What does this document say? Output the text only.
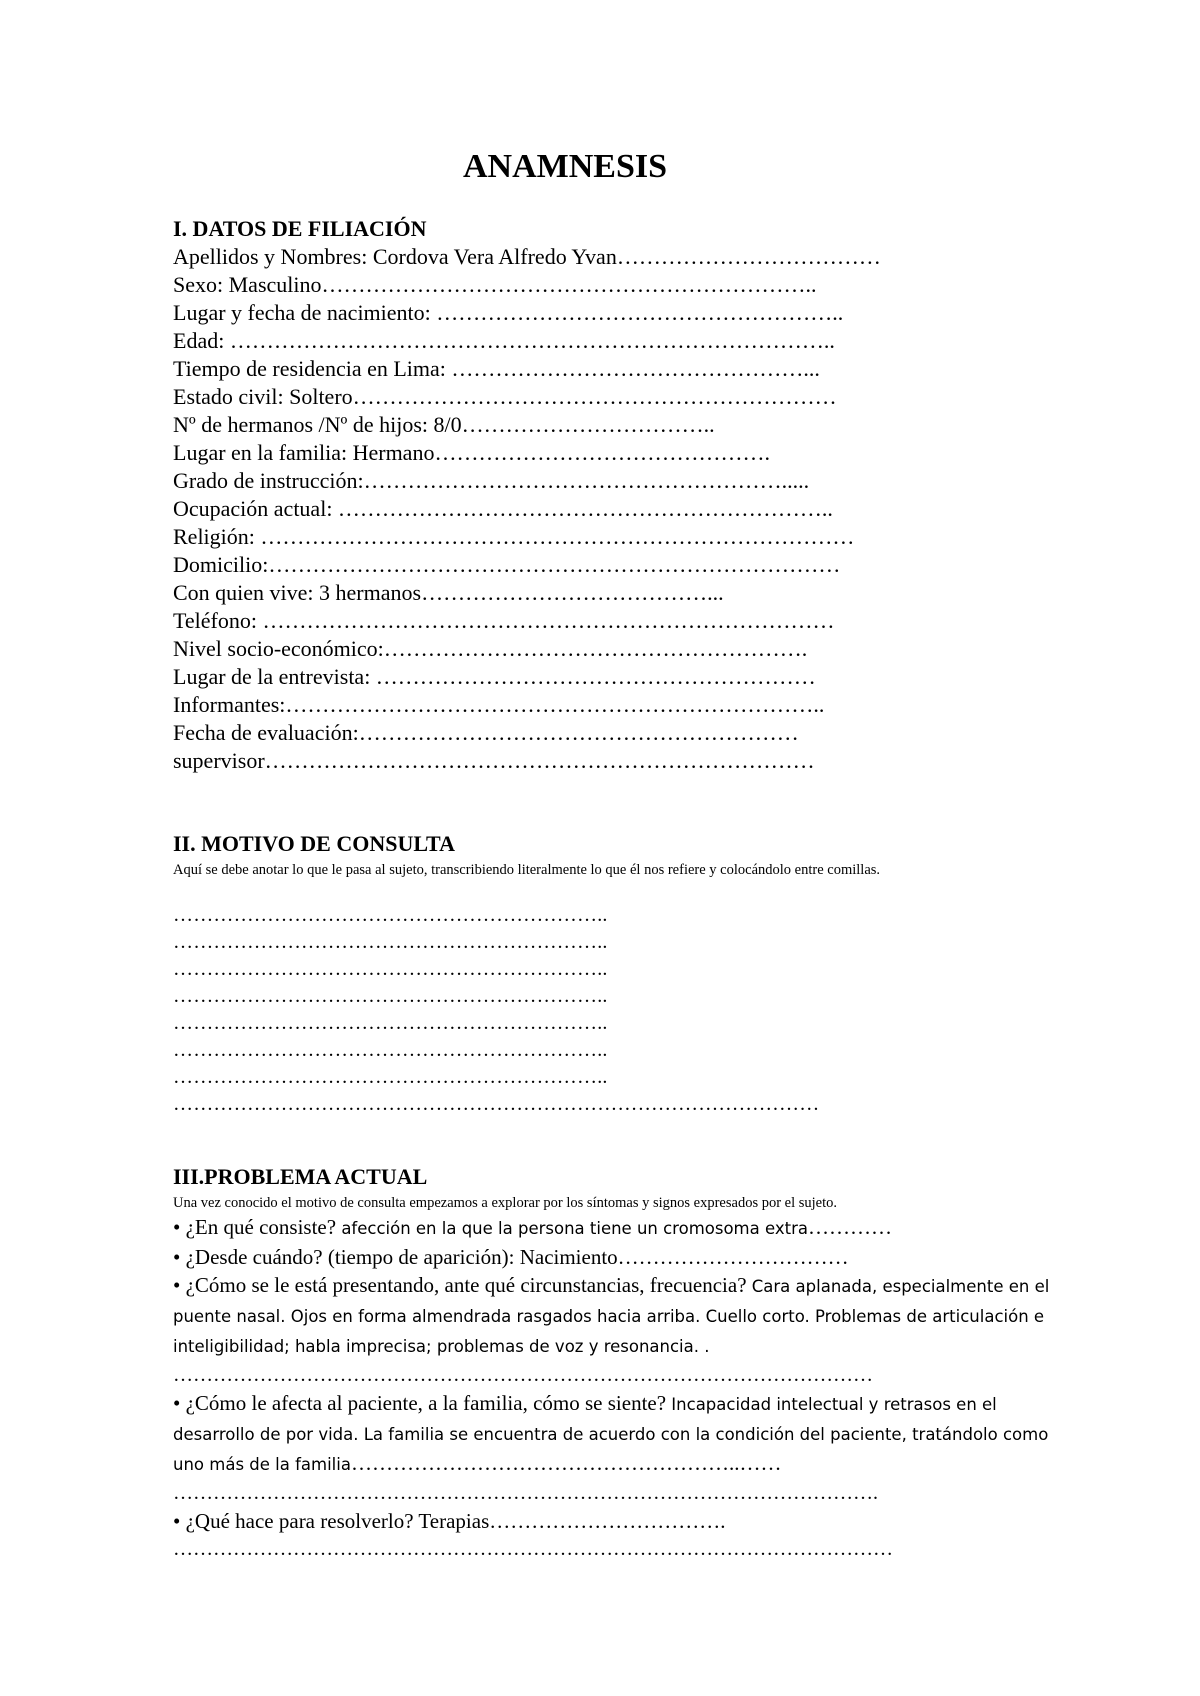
ANAMNESIS
I. DATOS DE FILIACIÓN
Apellidos y Nombres: Cordova Vera Alfredo Yvan………………………………
Sexo: Masculino…………………………………………………………..
Lugar y fecha de nacimiento: ………………………………………………..
Edad: ………………………………………………………………………..
Tiempo de residencia en Lima: …………………………………………...
Estado civil: Soltero…………………………………………………………
Nº de hermanos /Nº de hijos: 8/0……………………………..
Lugar en la familia: Hermano……………………………………….
Grado de instrucción:………………………………………………….....
Ocupación actual: …………………………………………………………..
Religión: ………………………………………………………………………
Domicilio:……………………………………………………………………
Con quien vive: 3 hermanos…………………………………...
Teléfono: ……………………………………………………………………
Nivel socio-económico:………………………………………………….
Lugar de la entrevista: ……………………………………………………
Informantes:………………………………………………………………..
Fecha de evaluación:……………………………………………………
supervisor…………………………………………………………………
II. MOTIVO DE CONSULTA
Aquí se debe anotar lo que le pasa al sujeto, transcribiendo literalmente lo que él nos refiere y colocándolo entre comillas.
………………………………………………………..
………………………………………………………..
………………………………………………………..
………………………………………………………..
………………………………………………………..
………………………………………………………..
………………………………………………………..
……………………………………………………………………………………
III.PROBLEMA ACTUAL
Una vez conocido el motivo de consulta empezamos a explorar por los síntomas y signos expresados por el sujeto.
• ¿En qué consiste? afección en la que la persona tiene un cromosoma extra…………
• ¿Desde cuándo? (tiempo de aparición): Nacimiento……………………………
• ¿Cómo se le está presentando, ante qué circunstancias, frecuencia? Cara aplanada, especialmente en el puente nasal. Ojos en forma almendrada rasgados hacia arriba. Cuello corto. Problemas de articulación e inteligibilidad; habla imprecisa; problemas de voz y resonancia. .
……………………………………………………………………………………………
• ¿Cómo le afecta al paciente, a la familia, cómo se siente? Incapacidad intelectual y retrasos en el desarrollo de por vida. La familia se encuentra de acuerdo con la condición del paciente, tratándolo como uno más de la familia………………………………………………..……
…………………………………………………………………………………………….
• ¿Qué hace para resolverlo? Terapias…………………………….
………………………………………………………………………………………………
